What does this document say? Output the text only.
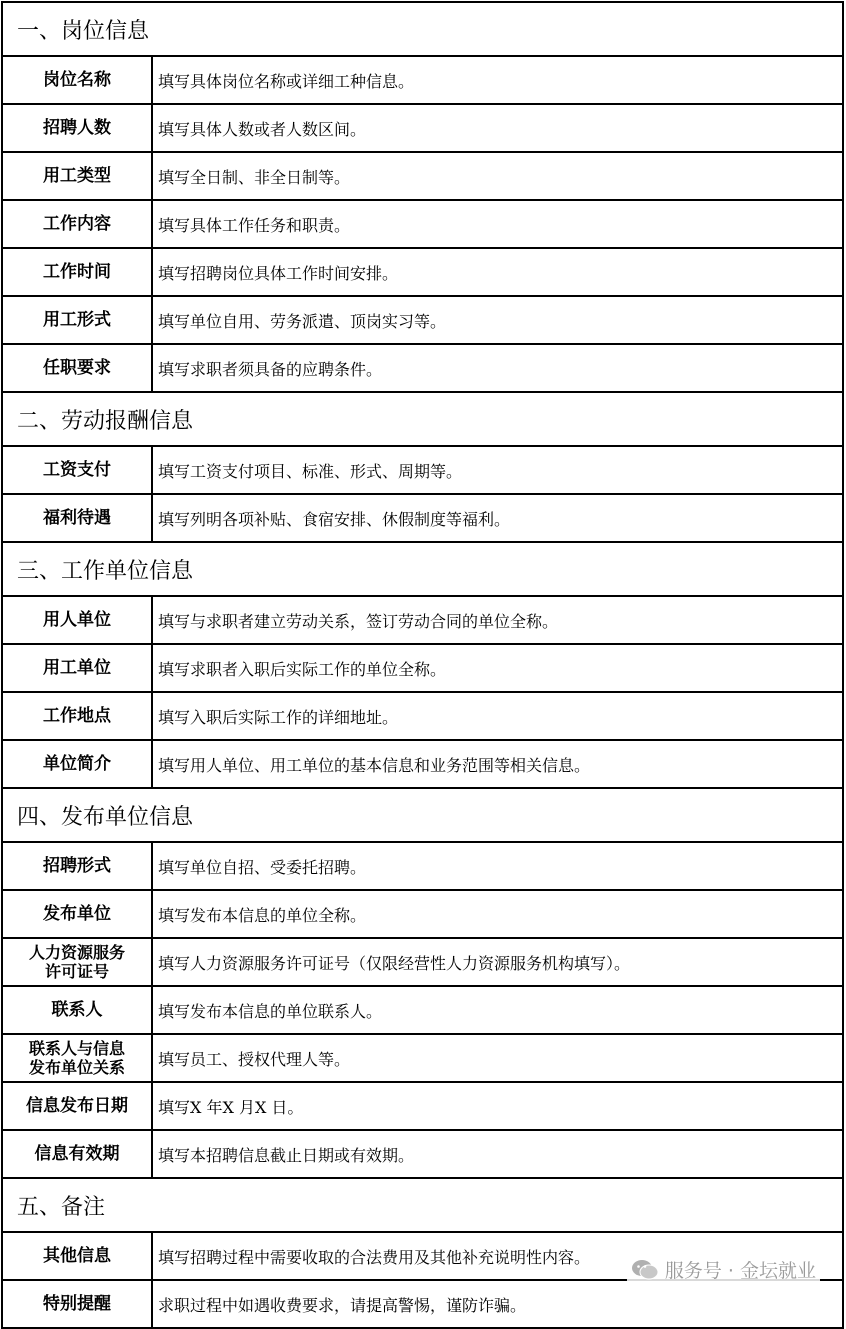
一、岗位信息
岗位名称	填写具体岗位名称或详细工种信息。
招聘人数	填写具体人数或者人数区间。
用工类型	填写全日制、非全日制等。
工作内容	填写具体工作任务和职责。
工作时间	填写招聘岗位具体工作时间安排。
用工形式	填写单位自用、劳务派遣、顶岗实习等。
任职要求	填写求职者须具备的应聘条件。
二、劳动报酬信息
工资支付	填写工资支付项目、标准、形式、周期等。
福利待遇	填写列明各项补贴、食宿安排、休假制度等福利。
三、工作单位信息
用人单位	填写与求职者建立劳动关系，签订劳动合同的单位全称。
用工单位	填写求职者入职后实际工作的单位全称。
工作地点	填写入职后实际工作的详细地址。
单位简介	填写用人单位、用工单位的基本信息和业务范围等相关信息。
四、发布单位信息
招聘形式	填写单位自招、受委托招聘。
发布单位	填写发布本信息的单位全称。
人力资源服务
许可证号	填写人力资源服务许可证号（仅限经营性人力资源服务机构填写）。
联系人	填写发布本信息的单位联系人。
联系人与信息
发布单位关系	填写员工、授权代理人等。
信息发布日期	填写X 年X 月X 日。
信息有效期	填写本招聘信息截止日期或有效期。
五、备注
其他信息	填写招聘过程中需要收取的合法费用及其他补充说明性内容。
特别提醒	求职过程中如遇收费要求，请提高警惕，谨防诈骗。
服务号 · 金坛就业
